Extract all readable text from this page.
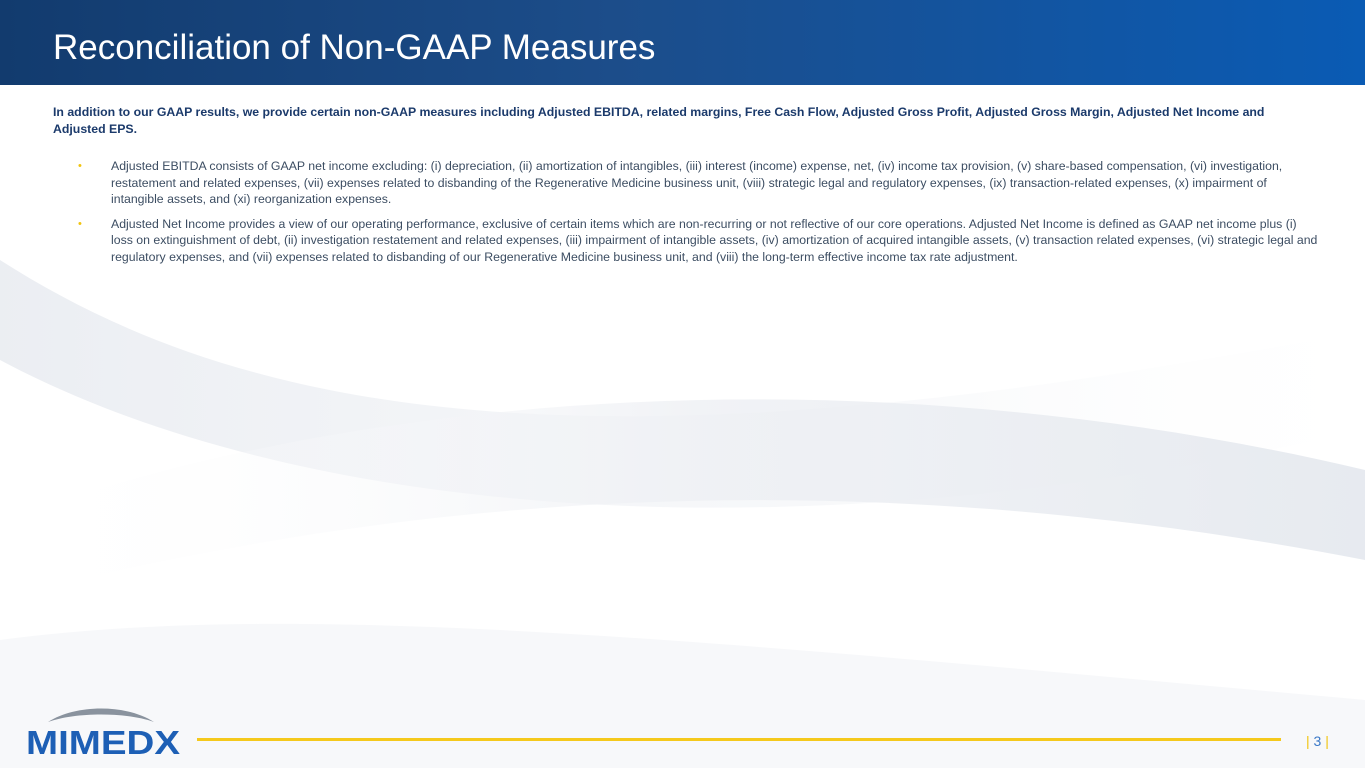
Reconciliation of Non-GAAP Measures

In addition to our GAAP results, we provide certain non-GAAP measures including Adjusted EBITDA, related margins, Free Cash Flow, Adjusted Gross Profit, Adjusted Gross Margin, Adjusted Net Income and Adjusted EPS.

• Adjusted EBITDA consists of GAAP net income excluding: (i) depreciation, (ii) amortization of intangibles, (iii) interest (income) expense, net, (iv) income tax provision, (v) share-based compensation, (vi) investigation, restatement and related expenses, (vii) expenses related to disbanding of the Regenerative Medicine business unit, (viii) strategic legal and regulatory expenses, (ix) transaction-related expenses, (x) impairment of intangible assets, and (xi) reorganization expenses.
• Adjusted Net Income provides a view of our operating performance, exclusive of certain items which are non-recurring or not reflective of our core operations. Adjusted Net Income is defined as GAAP net income plus (i) loss on extinguishment of debt, (ii) investigation restatement and related expenses, (iii) impairment of intangible assets, (iv) amortization of acquired intangible assets, (v) transaction related expenses, (vi) strategic legal and regulatory expenses, and (vii) expenses related to disbanding of our Regenerative Medicine business unit, and (viii) the long-term effective income tax rate adjustment.
MIMEDX	| 3 |
